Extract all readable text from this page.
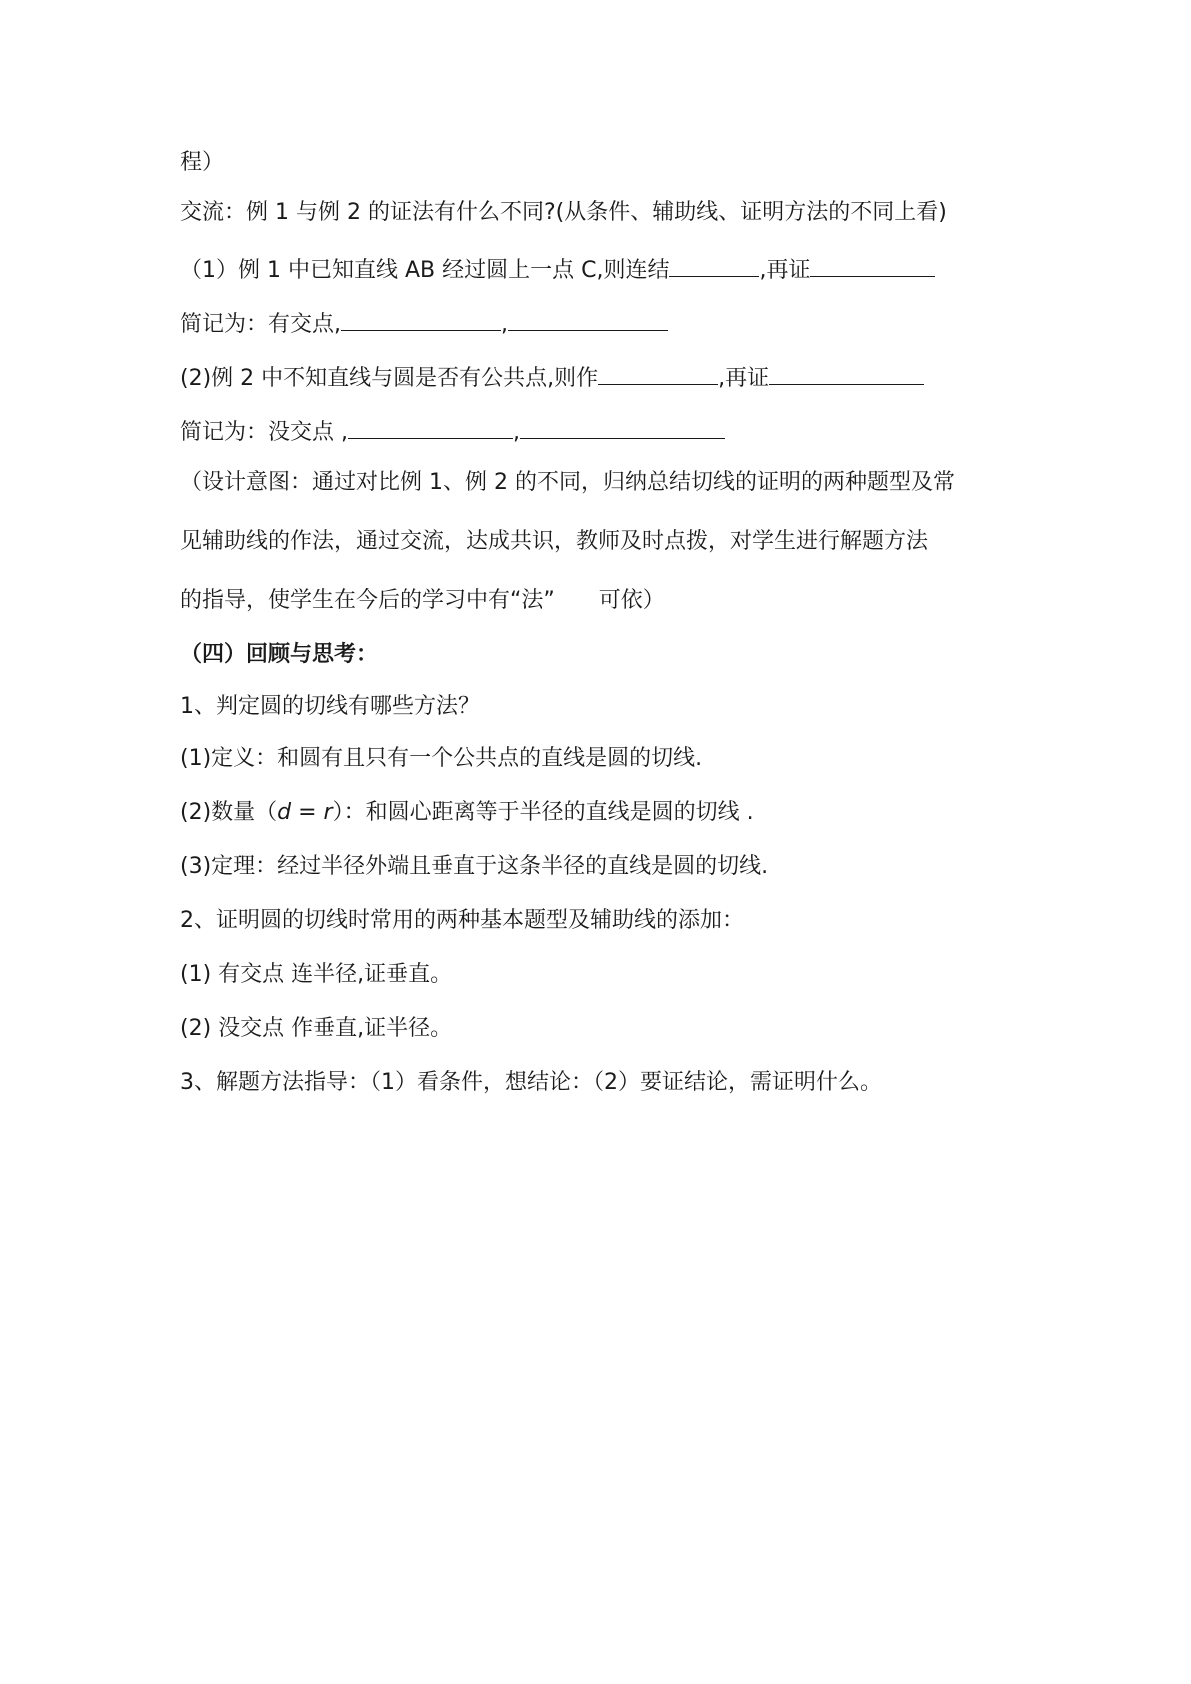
程）
交流：例 1 与例 2 的证法有什么不同?(从条件、辅助线、证明方法的不同上看)
（1）例 1 中已知直线 AB 经过圆上一点 C,则连结	,再证
简记为：有交点,	,
(2)例 2 中不知直线与圆是否有公共点,则作	,再证
简记为：没交点 ,	,
（设计意图：通过对比例 1、例 2 的不同，归纳总结切线的证明的两种题型及常
见辅助线的作法，通过交流，达成共识，教师及时点拨，对学生进行解题方法
的指导，使学生在今后的学习中有“法”　　可依）
（四）回顾与思考：
1、判定圆的切线有哪些方法？
(1)定义：和圆有且只有一个公共点的直线是圆的切线.
(2)数量（d = r）：和圆心距离等于半径的直线是圆的切线 .
(3)定理：经过半径外端且垂直于这条半径的直线是圆的切线.
2、证明圆的切线时常用的两种基本题型及辅助线的添加：
(1) 有交点 连半径,证垂直。
(2) 没交点 作垂直,证半径。
3、解题方法指导：（1）看条件，想结论：（2）要证结论，需证明什么。
